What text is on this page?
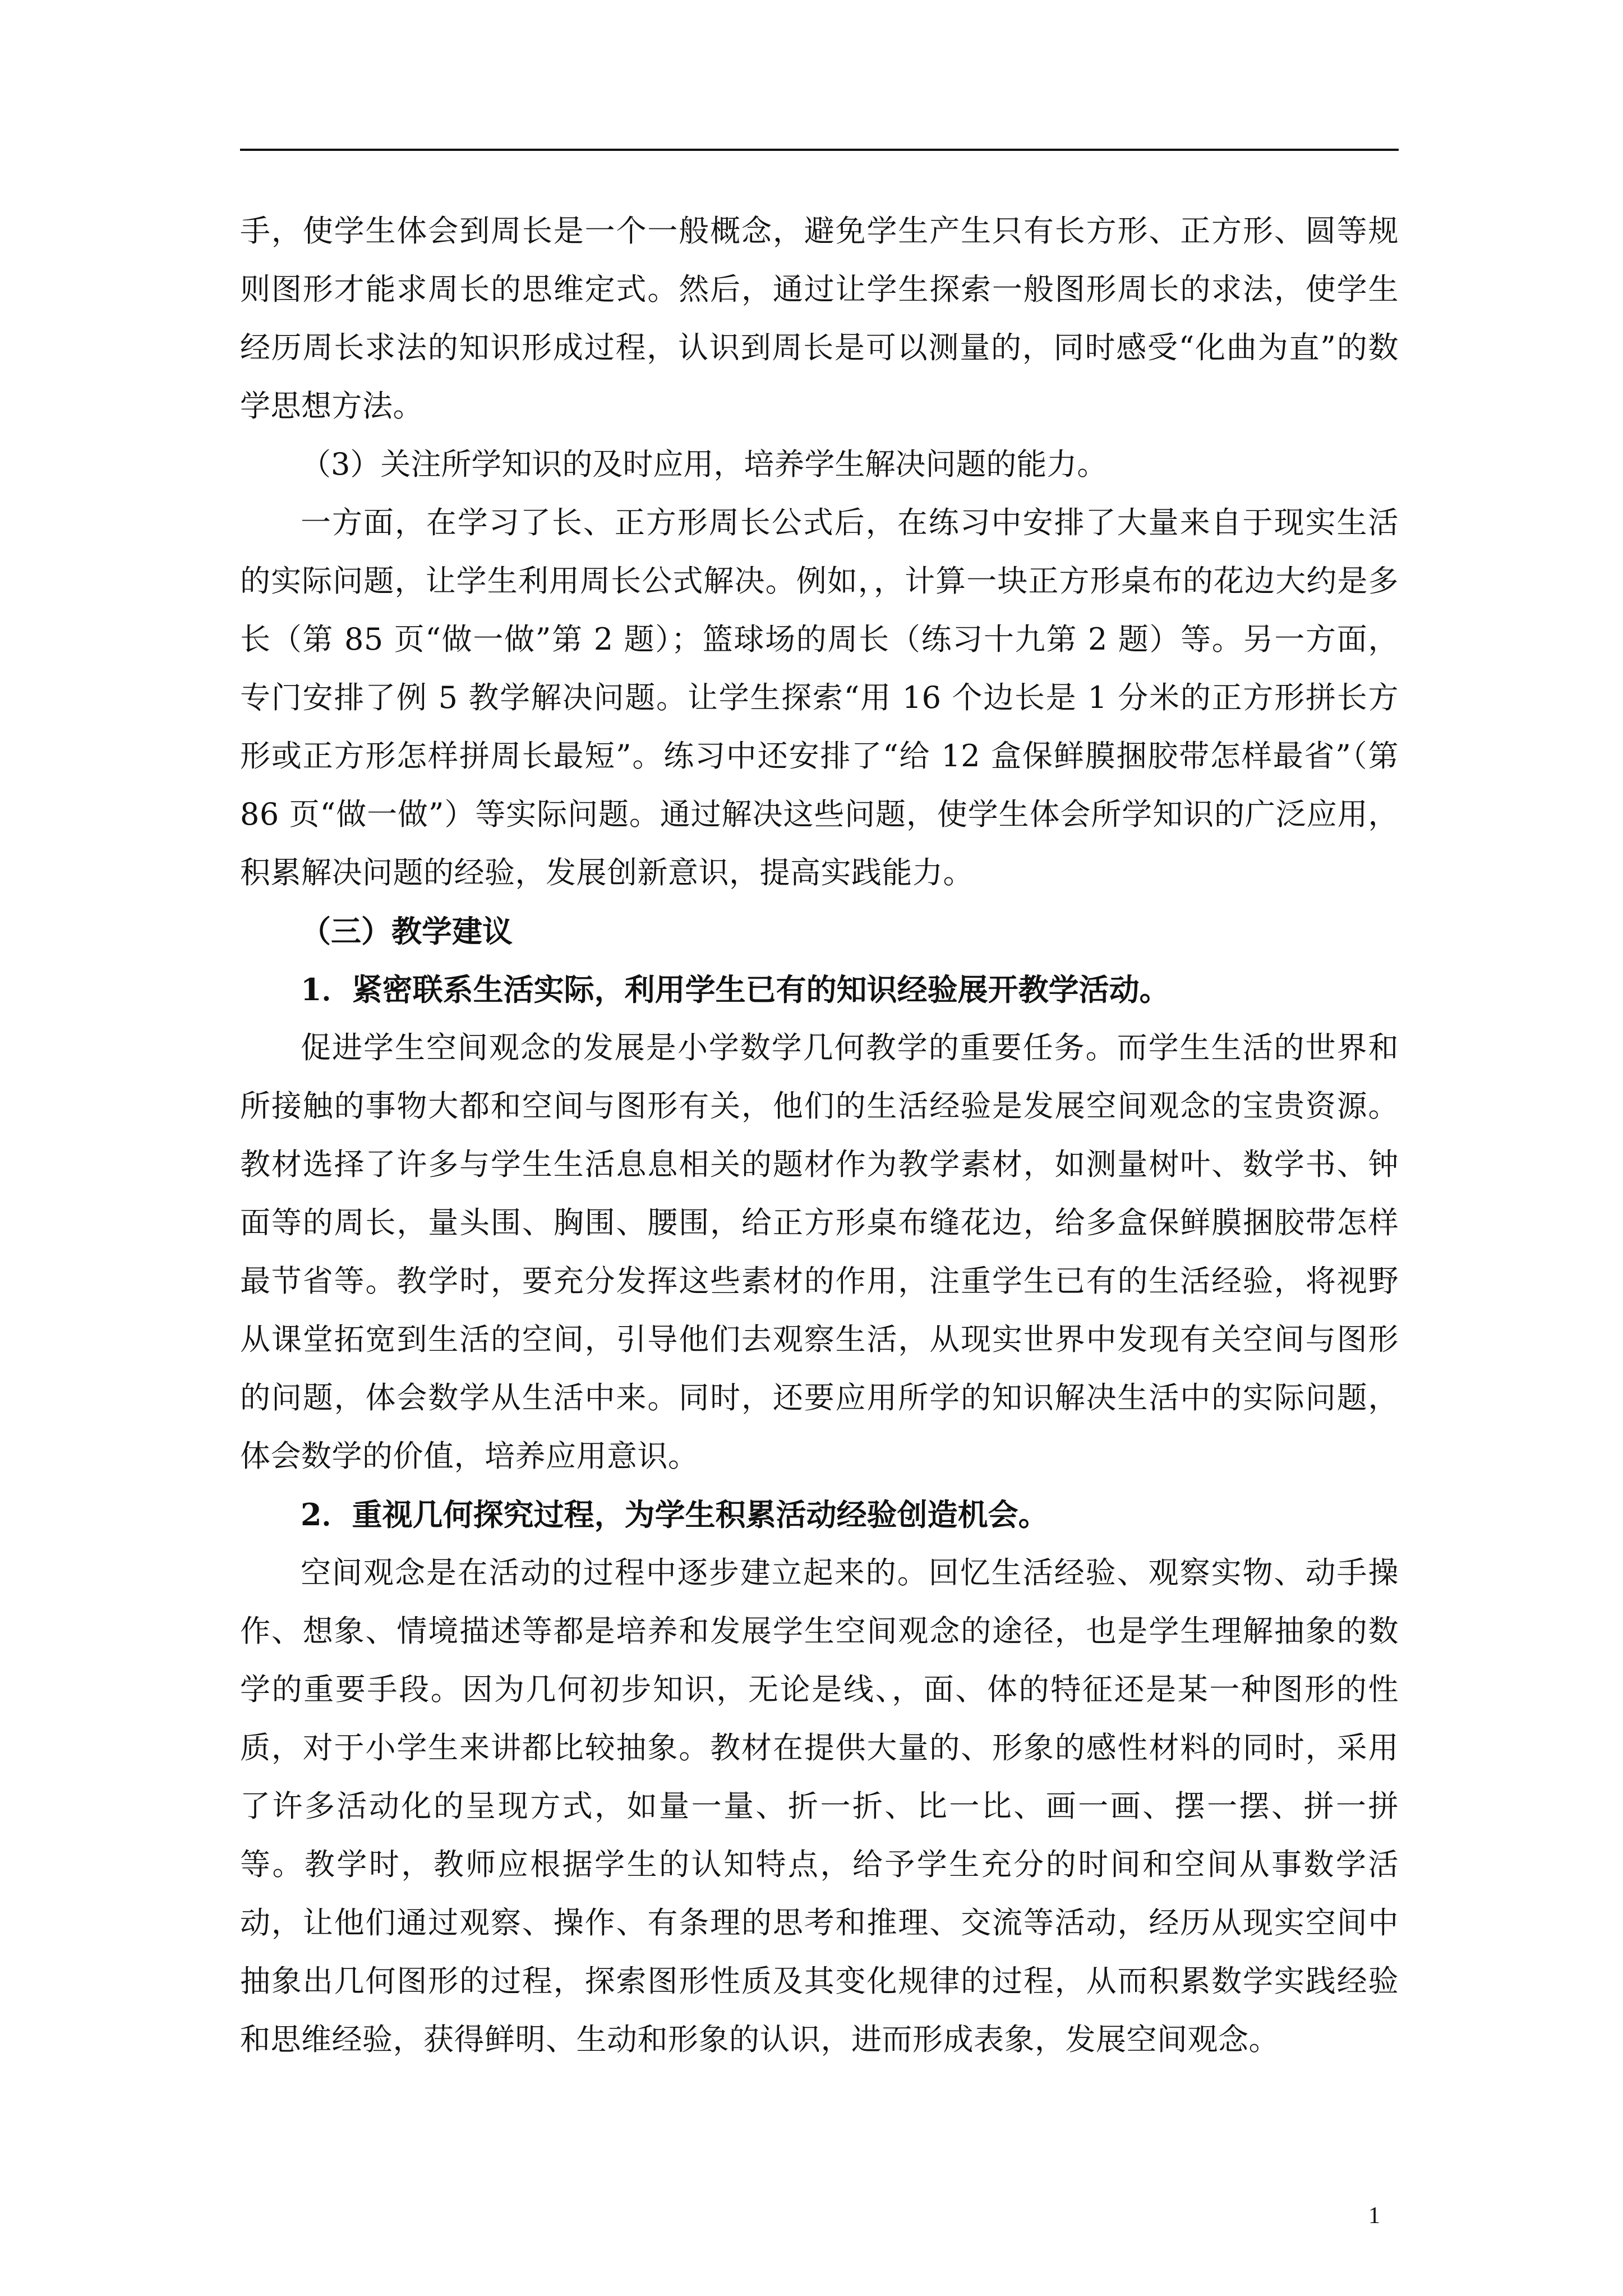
手，使学生体会到周长是一个一般概念，避免学生产生只有长方形、正方形、圆等规则图形才能求周长的思维定式。然后，通过让学生探索一般图形周长的求法，使学生经历周长求法的知识形成过程，认识到周长是可以测量的，同时感受“化曲为直”的数学思想方法。

（3）关注所学知识的及时应用，培养学生解决问题的能力。

一方面，在学习了长、正方形周长公式后，在练习中安排了大量来自于现实生活的实际问题，让学生利用周长公式解决。例如，，计算一块正方形桌布的花边大约是多长（第 85 页“做一做”第 2 题）；篮球场的周长（练习十九第 2 题）等。另一方面，专门安排了例 5 教学解决问题。让学生探索“用 16 个边长是 1 分米的正方形拼长方形或正方形怎样拼周长最短”。练习中还安排了“给 12 盒保鲜膜捆胶带怎样最省”（第 86 页“做一做”）等实际问题。通过解决这些问题，使学生体会所学知识的广泛应用，积累解决问题的经验，发展创新意识，提高实践能力。

（三）教学建议

1．紧密联系生活实际，利用学生已有的知识经验展开教学活动。

促进学生空间观念的发展是小学数学几何教学的重要任务。而学生生活的世界和所接触的事物大都和空间与图形有关，他们的生活经验是发展空间观念的宝贵资源。教材选择了许多与学生生活息息相关的题材作为教学素材，如测量树叶、数学书、钟面等的周长，量头围、胸围、腰围，给正方形桌布缝花边，给多盒保鲜膜捆胶带怎样最节省等。教学时，要充分发挥这些素材的作用，注重学生已有的生活经验，将视野从课堂拓宽到生活的空间，引导他们去观察生活，从现实世界中发现有关空间与图形的问题，体会数学从生活中来。同时，还要应用所学的知识解决生活中的实际问题，体会数学的价值，培养应用意识。

2．重视几何探究过程，为学生积累活动经验创造机会。

空间观念是在活动的过程中逐步建立起来的。回忆生活经验、观察实物、动手操作、想象、情境描述等都是培养和发展学生空间观念的途径，也是学生理解抽象的数学的重要手段。因为几何初步知识，无论是线、，面、体的特征还是某一种图形的性质，对于小学生来讲都比较抽象。教材在提供大量的、形象的感性材料的同时，采用了许多活动化的呈现方式，如量一量、折一折、比一比、画一画、摆一摆、拼一拼等。教学时，教师应根据学生的认知特点，给予学生充分的时间和空间从事数学活动，让他们通过观察、操作、有条理的思考和推理、交流等活动，经历从现实空间中抽象出几何图形的过程，探索图形性质及其变化规律的过程，从而积累数学实践经验和思维经验，获得鲜明、生动和形象的认识，进而形成表象，发展空间观念。

1
